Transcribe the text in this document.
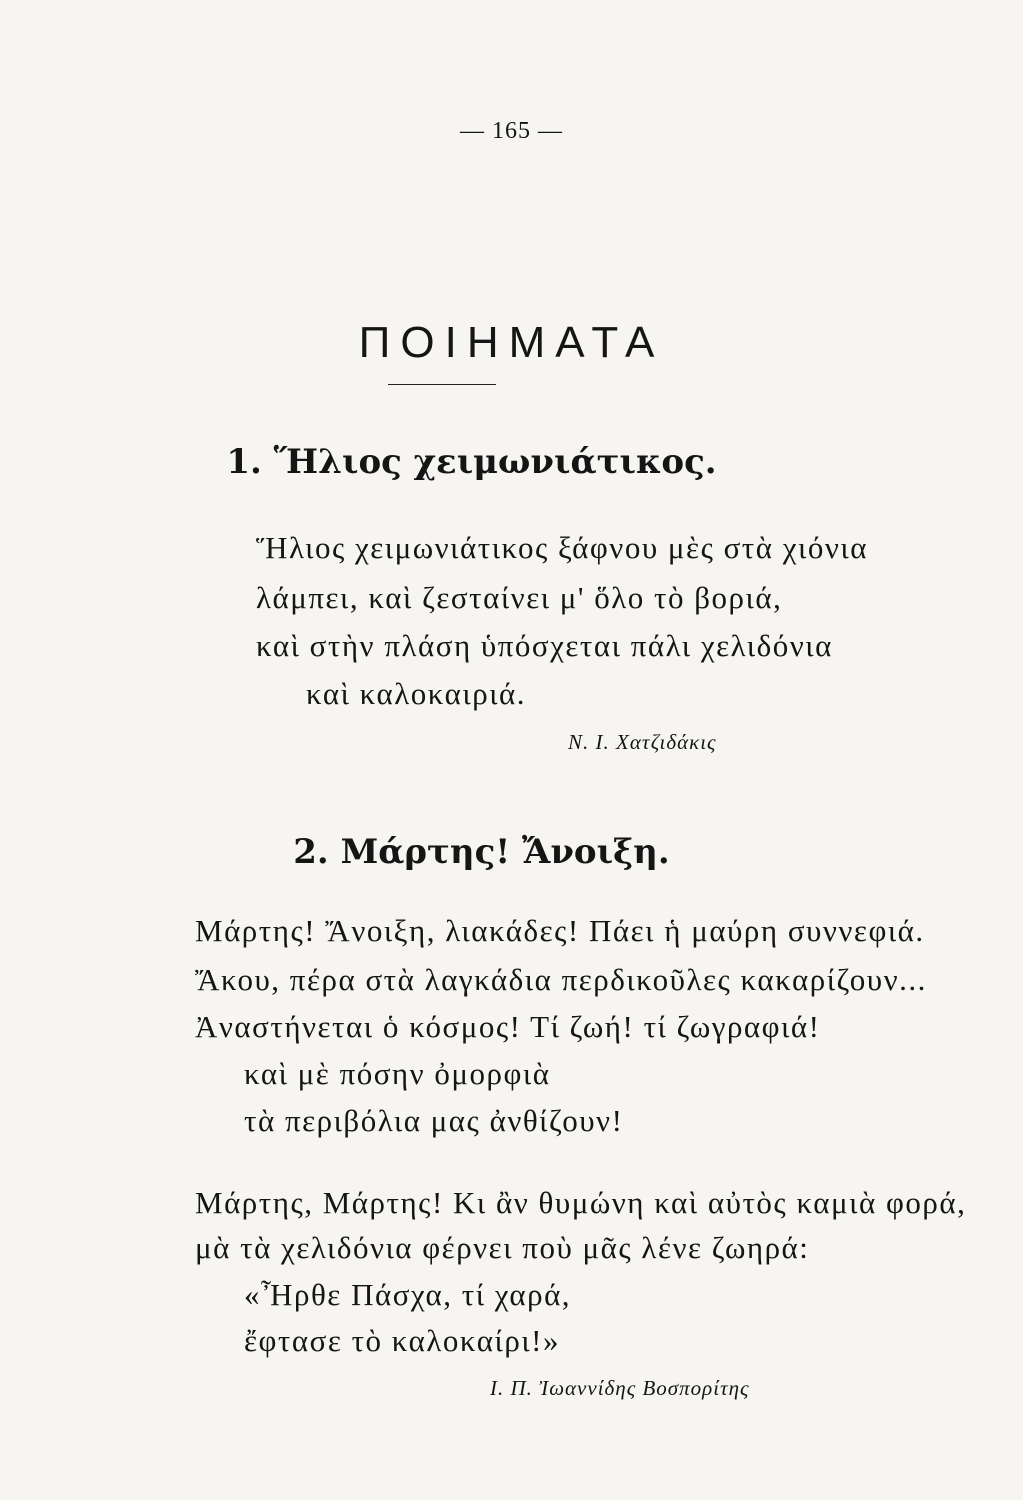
— 165 —
ΠΟΙΗΜΑΤΑ
1. Ἥλιος χειμωνιάτικος.
Ἥλιος χειμωνιάτικος ξάφνου μὲς στὰ χιόνια
λάμπει, καὶ ζεσταίνει μ' ὅλο τὸ βοριά,
καὶ στὴν πλάση ὑπόσχεται πάλι χελιδόνια
καὶ καλοκαιριά.
Ν. Ι. Χατζιδάκις
2. Μάρτης! Ἄνοιξη.
Μάρτης! Ἄνοιξη, λιακάδες! Πάει ἡ μαύρη συννεφιά.
Ἄκου, πέρα στὰ λαγκάδια περδικοῦλες κακαρίζουν...
Ἀναστήνεται ὁ κόσμος! Τί ζωή! τί ζωγραφιά!
καὶ μὲ πόσην ὀμορφιὰ
τὰ περιβόλια μας ἀνθίζουν!
Μάρτης, Μάρτης! Κι ἂν θυμώνη καὶ αὐτὸς καμιὰ φορά,
μὰ τὰ χελιδόνια φέρνει ποὺ μᾶς λένε ζωηρά:
«Ἦρθε Πάσχα, τί χαρά,
ἔφτασε τὸ καλοκαίρι!»
Ι. Π. Ἰωαννίδης Βοσπορίτης
